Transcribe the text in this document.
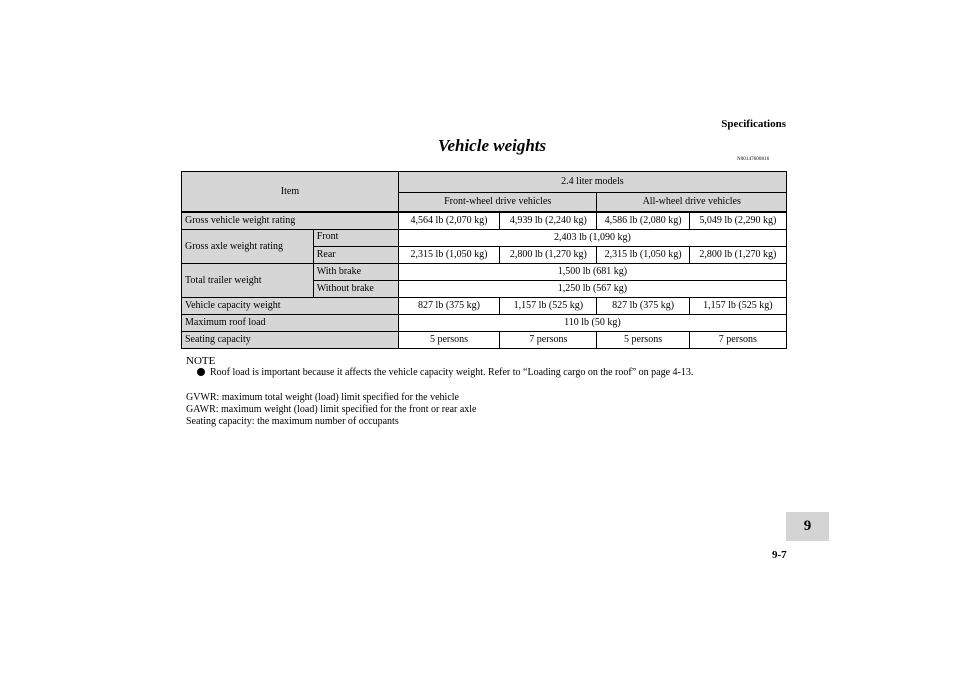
Specifications
Vehicle weights
N00147600816
Item		2.4 liter models			
		Front-wheel drive vehicles		All-wheel drive vehicles	
Gross vehicle weight rating		4,564 lb (2,070 kg)	4,939 lb (2,240 kg)	4,586 lb (2,080 kg)	5,049 lb (2,290 kg)
Gross axle weight rating	Front	2,403 lb (1,090 kg)			
	Rear	2,315 lb (1,050 kg)	2,800 lb (1,270 kg)	2,315 lb (1,050 kg)	2,800 lb (1,270 kg)
Total trailer weight	With brake	1,500 lb (681 kg)			
	Without brake	1,250 lb (567 kg)			
Vehicle capacity weight		827 lb (375 kg)	1,157 lb (525 kg)	827 lb (375 kg)	1,157 lb (525 kg)
Maximum roof load		110 lb (50 kg)			
Seating capacity		5 persons	7 persons	5 persons	7 persons
NOTE
Roof load is important because it affects the vehicle capacity weight. Refer to “Loading cargo on the roof” on page 4-13.
GVWR: maximum total weight (load) limit specified for the vehicle
GAWR: maximum weight (load) limit specified for the front or rear axle
Seating capacity: the maximum number of occupants
9
9-7
